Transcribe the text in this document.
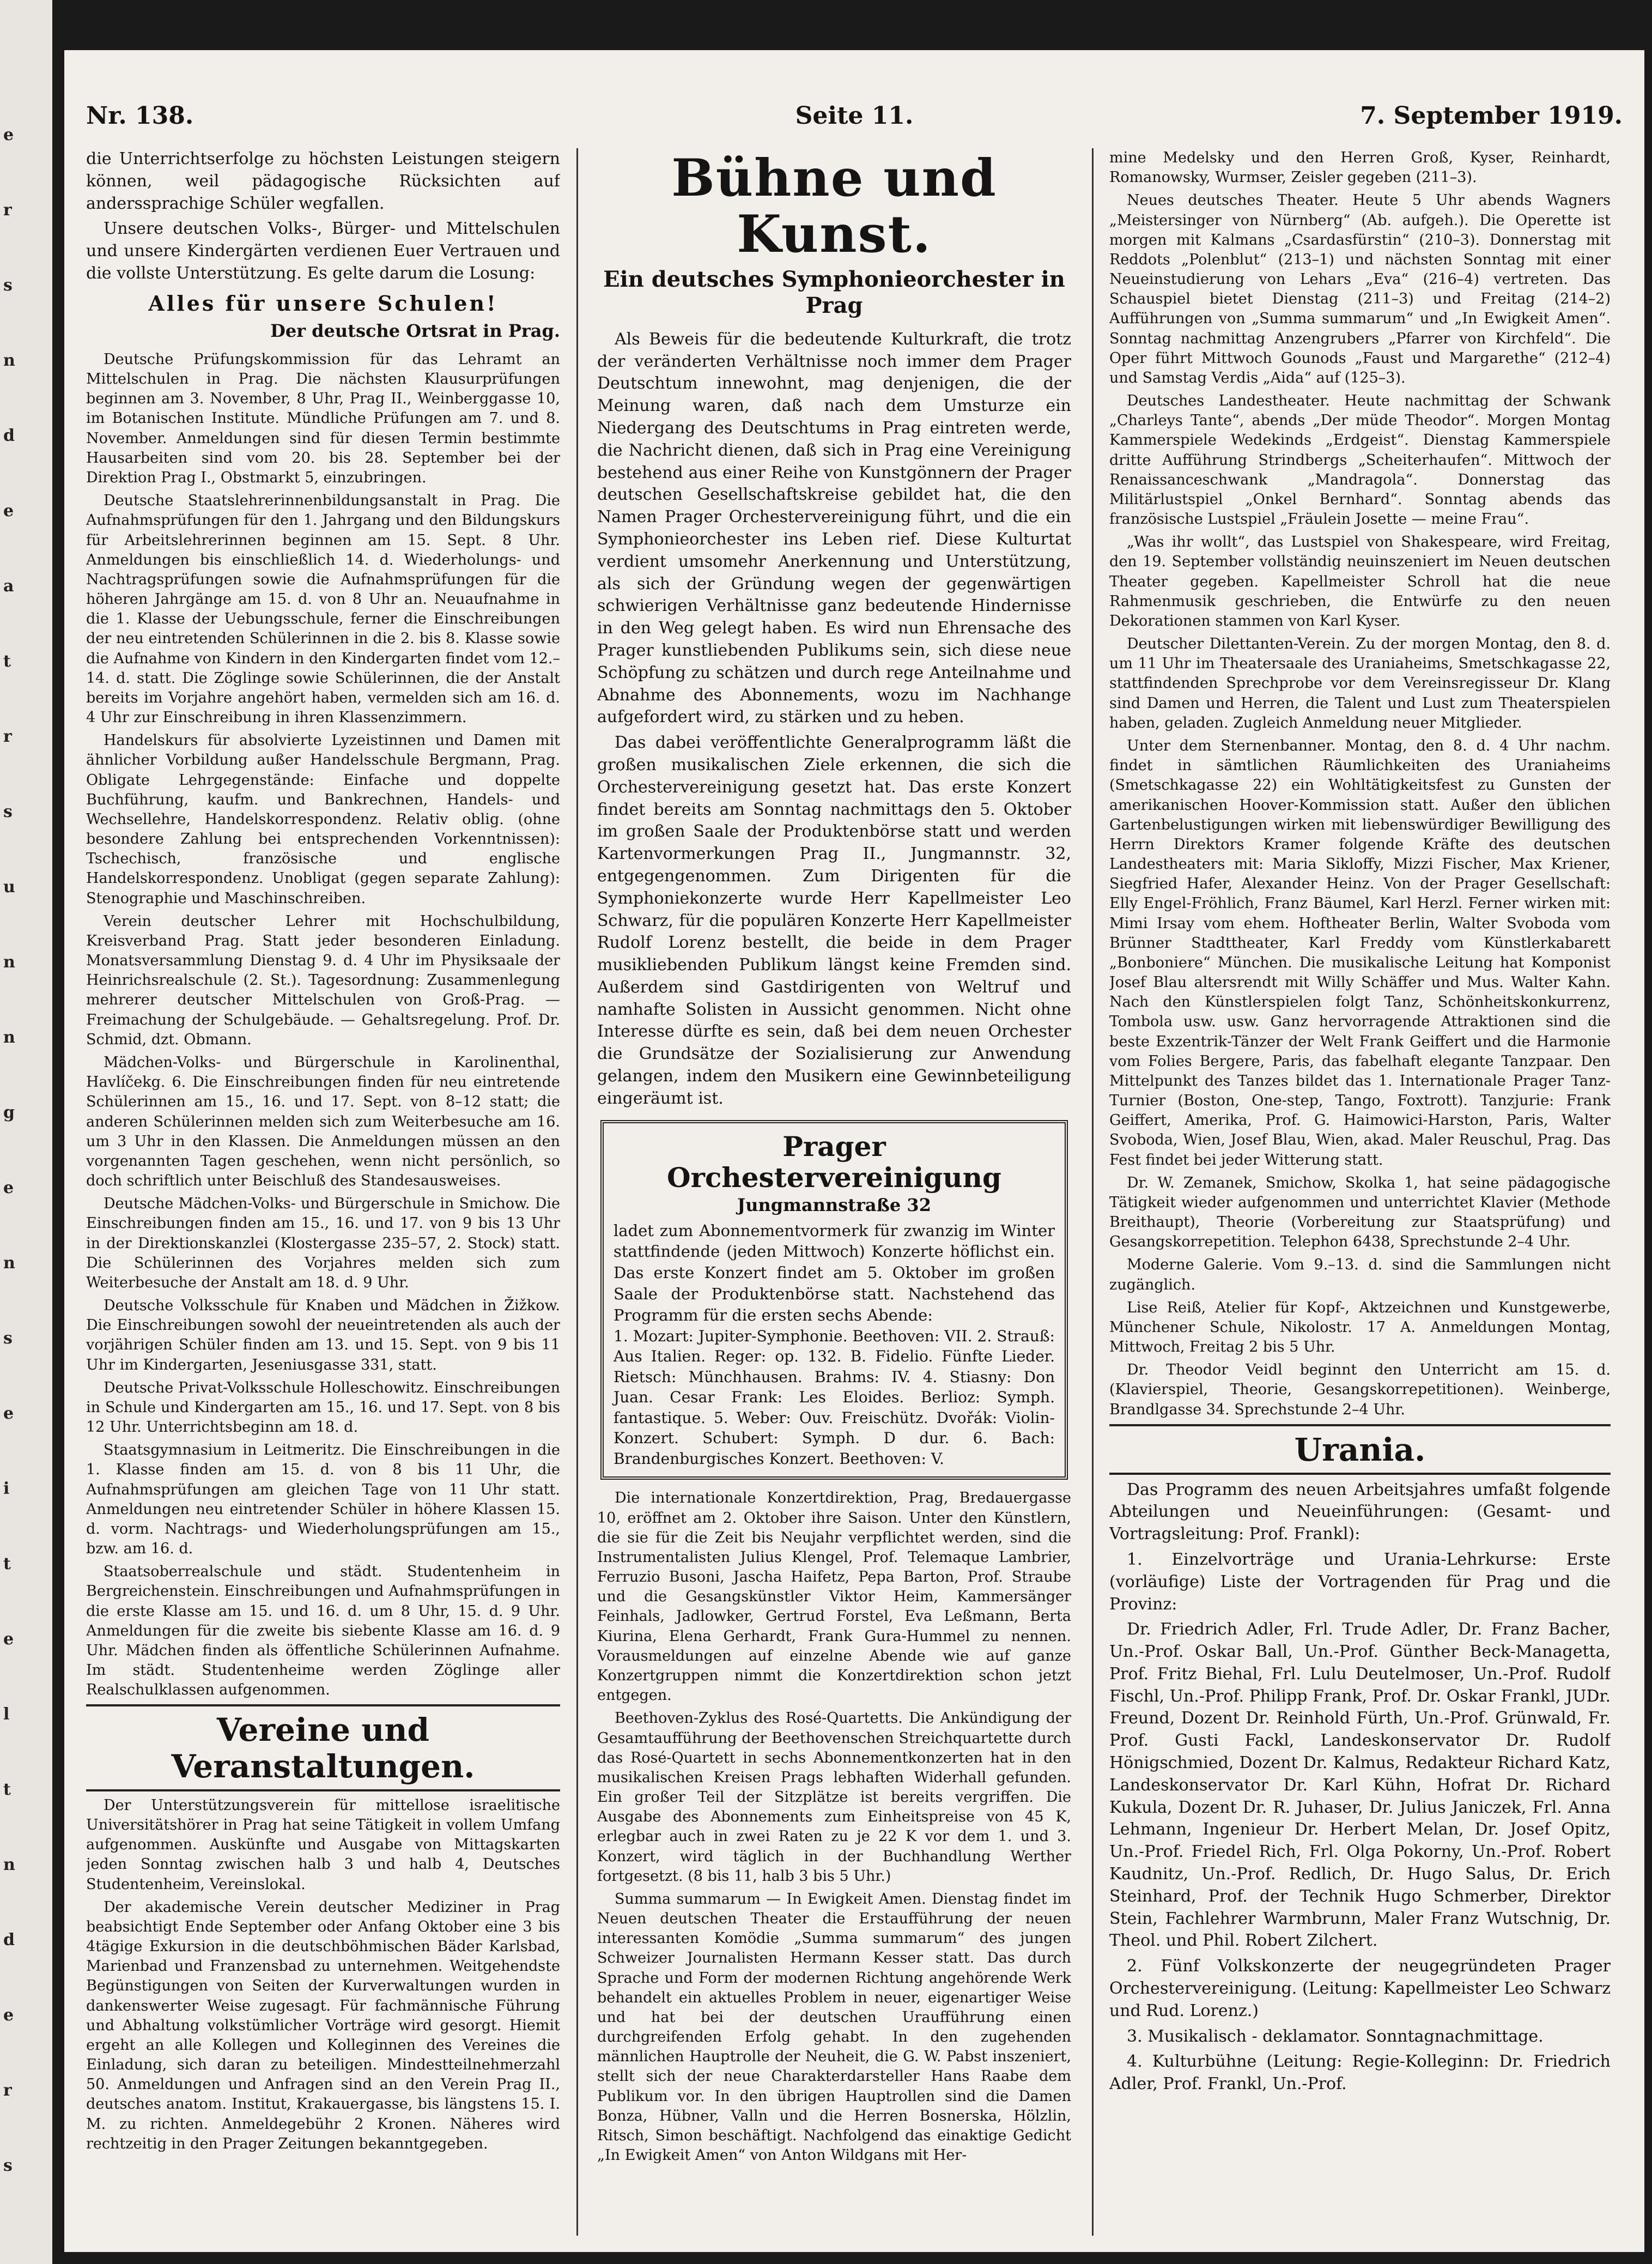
e
r
s
n
d
e
a
t
r
s
u
n
n
g
e
n
s
e
i
t
e
l
t
n
d
e
r
s
Nr. 138.	Seite 11.	7. September 1919.

die Unterrichtserfolge zu höchsten Leistungen steigern können, weil pädagogische Rücksichten auf anderssprachige Schüler wegfallen.

Unsere deutschen Volks-, Bürger- und Mittelschulen und unsere Kindergärten verdienen Euer Vertrauen und die vollste Unterstützung. Es gelte darum die Losung:

Alles für unsere Schulen!
Der deutsche Ortsrat in Prag.

Deutsche Prüfungskommission für das Lehramt an Mittelschulen in Prag. Die nächsten Klausurprüfungen beginnen am 3. November, 8 Uhr, Prag II., Weinberggasse 10, im Botanischen Institute. Mündliche Prüfungen am 7. und 8. November. Anmeldungen sind für diesen Termin bestimmte Hausarbeiten sind vom 20. bis 28. September bei der Direktion Prag I., Obstmarkt 5, einzubringen.

Deutsche Staatslehrerinnenbildungsanstalt in Prag. Die Aufnahmsprüfungen für den 1. Jahrgang und den Bildungskurs für Arbeitslehrerinnen beginnen am 15. Sept. 8 Uhr. Anmeldungen bis einschließlich 14. d. Wiederholungs- und Nachtragsprüfungen sowie die Aufnahmsprüfungen für die höheren Jahrgänge am 15. d. von 8 Uhr an. Neuaufnahme in die 1. Klasse der Uebungsschule, ferner die Einschreibungen der neu eintretenden Schülerinnen in die 2. bis 8. Klasse sowie die Aufnahme von Kindern in den Kindergarten findet vom 12.–14. d. statt. Die Zöglinge sowie Schülerinnen, die der Anstalt bereits im Vorjahre angehört haben, vermelden sich am 16. d. 4 Uhr zur Einschreibung in ihren Klassenzimmern.

Handelskurs für absolvierte Lyzeistinnen und Damen mit ähnlicher Vorbildung außer Handelsschule Bergmann, Prag. Obligate Lehrgegenstände: Einfache und doppelte Buchführung, kaufm. und Bankrechnen, Handels- und Wechsellehre, Handelskorrespondenz. Relativ oblig. (ohne besondere Zahlung bei entsprechenden Vorkenntnissen): Tschechisch, französische und englische Handelskorrespondenz. Unobligat (gegen separate Zahlung): Stenographie und Maschinschreiben.

Verein deutscher Lehrer mit Hochschulbildung, Kreisverband Prag. Statt jeder besonderen Einladung. Monatsversammlung Dienstag 9. d. 4 Uhr im Physiksaale der Heinrichsrealschule (2. St.). Tagesordnung: Zusammenlegung mehrerer deutscher Mittelschulen von Groß-Prag. — Freimachung der Schulgebäude. — Gehaltsregelung. Prof. Dr. Schmid, dzt. Obmann.

Mädchen-Volks- und Bürgerschule in Karolinenthal, Havlíčekg. 6. Die Einschreibungen finden für neu eintretende Schülerinnen am 15., 16. und 17. Sept. von 8–12 statt; die anderen Schülerinnen melden sich zum Weiterbesuche am 16. um 3 Uhr in den Klassen. Die Anmeldungen müssen an den vorgenannten Tagen geschehen, wenn nicht persönlich, so doch schriftlich unter Beischluß des Standesausweises.

Deutsche Mädchen-Volks- und Bürgerschule in Smichow. Die Einschreibungen finden am 15., 16. und 17. von 9 bis 13 Uhr in der Direktionskanzlei (Klostergasse 235–57, 2. Stock) statt. Die Schülerinnen des Vorjahres melden sich zum Weiterbesuche der Anstalt am 18. d. 9 Uhr.

Deutsche Volksschule für Knaben und Mädchen in Žižkow. Die Einschreibungen sowohl der neueintretenden als auch der vorjährigen Schüler finden am 13. und 15. Sept. von 9 bis 11 Uhr im Kindergarten, Jeseniusgasse 331, statt.

Deutsche Privat-Volksschule Holleschowitz. Einschreibungen in Schule und Kindergarten am 15., 16. und 17. Sept. von 8 bis 12 Uhr. Unterrichtsbeginn am 18. d.

Staatsgymnasium in Leitmeritz. Die Einschreibungen in die 1. Klasse finden am 15. d. von 8 bis 11 Uhr, die Aufnahmsprüfungen am gleichen Tage von 11 Uhr statt. Anmeldungen neu eintretender Schüler in höhere Klassen 15. d. vorm. Nachtrags- und Wiederholungsprüfungen am 15., bzw. am 16. d.

Staatsoberrealschule und städt. Studentenheim in Bergreichenstein. Einschreibungen und Aufnahmsprüfungen in die erste Klasse am 15. und 16. d. um 8 Uhr, 15. d. 9 Uhr. Anmeldungen für die zweite bis siebente Klasse am 16. d. 9 Uhr. Mädchen finden als öffentliche Schülerinnen Aufnahme. Im städt. Studentenheime werden Zöglinge aller Realschulklassen aufgenommen.

Vereine und Veranstaltungen.

Der Unterstützungsverein für mittellose israelitische Universitätshörer in Prag hat seine Tätigkeit in vollem Umfang aufgenommen. Auskünfte und Ausgabe von Mittagskarten jeden Sonntag zwischen halb 3 und halb 4, Deutsches Studentenheim, Vereinslokal.

Der akademische Verein deutscher Mediziner in Prag beabsichtigt Ende September oder Anfang Oktober eine 3 bis 4tägige Exkursion in die deutschböhmischen Bäder Karlsbad, Marienbad und Franzensbad zu unternehmen. Weitgehendste Begünstigungen von Seiten der Kurverwaltungen wurden in dankenswerter Weise zugesagt. Für fachmännische Führung und Abhaltung volkstümlicher Vorträge wird gesorgt. Hiemit ergeht an alle Kollegen und Kolleginnen des Vereines die Einladung, sich daran zu beteiligen. Mindestteilnehmerzahl 50. Anmeldungen und Anfragen sind an den Verein Prag II., deutsches anatom. Institut, Krakauergasse, bis längstens 15. I. M. zu richten. Anmeldegebühr 2 Kronen. Näheres wird rechtzeitig in den Prager Zeitungen bekanntgegeben.

Bühne und Kunst.
Ein deutsches Symphonieorchester in Prag

Als Beweis für die bedeutende Kulturkraft, die trotz der veränderten Verhältnisse noch immer dem Prager Deutschtum innewohnt, mag denjenigen, die der Meinung waren, daß nach dem Umsturze ein Niedergang des Deutschtums in Prag eintreten werde, die Nachricht dienen, daß sich in Prag eine Vereinigung bestehend aus einer Reihe von Kunstgönnern der Prager deutschen Gesellschaftskreise gebildet hat, die den Namen Prager Orchestervereinigung führt, und die ein Symphonieorchester ins Leben rief. Diese Kulturtat verdient umsomehr Anerkennung und Unterstützung, als sich der Gründung wegen der gegenwärtigen schwierigen Verhältnisse ganz bedeutende Hindernisse in den Weg gelegt haben. Es wird nun Ehrensache des Prager kunstliebenden Publikums sein, sich diese neue Schöpfung zu schätzen und durch rege Anteilnahme und Abnahme des Abonnements, wozu im Nachhange aufgefordert wird, zu stärken und zu heben.

Das dabei veröffentlichte Generalprogramm läßt die großen musikalischen Ziele erkennen, die sich die Orchestervereinigung gesetzt hat. Das erste Konzert findet bereits am Sonntag nachmittags den 5. Oktober im großen Saale der Produktenbörse statt und werden Kartenvormerkungen Prag II., Jungmannstr. 32, entgegengenommen. Zum Dirigenten für die Symphoniekonzerte wurde Herr Kapellmeister Leo Schwarz, für die populären Konzerte Herr Kapellmeister Rudolf Lorenz bestellt, die beide in dem Prager musikliebenden Publikum längst keine Fremden sind. Außerdem sind Gastdirigenten von Weltruf und namhafte Solisten in Aussicht genommen. Nicht ohne Interesse dürfte es sein, daß bei dem neuen Orchester die Grundsätze der Sozialisierung zur Anwendung gelangen, indem den Musikern eine Gewinnbeteiligung eingeräumt ist.

Prager Orchestervereinigung
Jungmannstraße 32
ladet zum Abonnementvormerk für zwanzig im Winter stattfindende (jeden Mittwoch) Konzerte höflichst ein. Das erste Konzert findet am 5. Oktober im großen Saale der Produktenbörse statt. Nachstehend das Programm für die ersten sechs Abende:
1. Mozart: Jupiter-Symphonie. Beethoven: VII. 2. Strauß: Aus Italien. Reger: op. 132. B. Fidelio. Fünfte Lieder. Rietsch: Münchhausen. Brahms: IV. 4. Stiasny: Don Juan. Cesar Frank: Les Eloides. Berlioz: Symph. fantastique. 5. Weber: Ouv. Freischütz. Dvořák: Violin-Konzert. Schubert: Symph. D dur. 6. Bach: Brandenburgisches Konzert. Beethoven: V.

Die internationale Konzertdirektion, Prag, Bredauergasse 10, eröffnet am 2. Oktober ihre Saison. Unter den Künstlern, die sie für die Zeit bis Neujahr verpflichtet werden, sind die Instrumentalisten Julius Klengel, Prof. Telemaque Lambrier, Ferruzio Busoni, Jascha Haifetz, Pepa Barton, Prof. Straube und die Gesangskünstler Viktor Heim, Kammersänger Feinhals, Jadlowker, Gertrud Forstel, Eva Leßmann, Berta Kiurina, Elena Gerhardt, Frank Gura-Hummel zu nennen. Vorausmeldungen auf einzelne Abende wie auf ganze Konzertgruppen nimmt die Konzertdirektion schon jetzt entgegen.

Beethoven-Zyklus des Rosé-Quartetts. Die Ankündigung der Gesamtaufführung der Beethovenschen Streichquartette durch das Rosé-Quartett in sechs Abonnementkonzerten hat in den musikalischen Kreisen Prags lebhaften Widerhall gefunden. Ein großer Teil der Sitzplätze ist bereits vergriffen. Die Ausgabe des Abonnements zum Einheitspreise von 45 K, erlegbar auch in zwei Raten zu je 22 K vor dem 1. und 3. Konzert, wird täglich in der Buchhandlung Werther fortgesetzt. (8 bis 11, halb 3 bis 5 Uhr.)

Summa summarum — In Ewigkeit Amen. Dienstag findet im Neuen deutschen Theater die Erstaufführung der neuen interessanten Komödie „Summa summarum“ des jungen Schweizer Journalisten Hermann Kesser statt. Das durch Sprache und Form der modernen Richtung angehörende Werk behandelt ein aktuelles Problem in neuer, eigenartiger Weise und hat bei der deutschen Uraufführung einen durchgreifenden Erfolg gehabt. In den zugehenden männlichen Hauptrolle der Neuheit, die G. W. Pabst inszeniert, stellt sich der neue Charakterdarsteller Hans Raabe dem Publikum vor. In den übrigen Hauptrollen sind die Damen Bonza, Hübner, Valln und die Herren Bosnerska, Hölzlin, Ritsch, Simon beschäftigt. Nachfolgend das einaktige Gedicht „In Ewigkeit Amen“ von Anton Wildgans mit Her-

mine Medelsky und den Herren Groß, Kyser, Reinhardt, Romanowsky, Wurmser, Zeisler gegeben (211–3).

Neues deutsches Theater. Heute 5 Uhr abends Wagners „Meistersinger von Nürnberg“ (Ab. aufgeh.). Die Operette ist morgen mit Kalmans „Csardasfürstin“ (210–3). Donnerstag mit Reddots „Polenblut“ (213–1) und nächsten Sonntag mit einer Neueinstudierung von Lehars „Eva“ (216–4) vertreten. Das Schauspiel bietet Dienstag (211–3) und Freitag (214–2) Aufführungen von „Summa summarum“ und „In Ewigkeit Amen“. Sonntag nachmittag Anzengrubers „Pfarrer von Kirchfeld“. Die Oper führt Mittwoch Gounods „Faust und Margarethe“ (212–4) und Samstag Verdis „Aida“ auf (125–3).

Deutsches Landestheater. Heute nachmittag der Schwank „Charleys Tante“, abends „Der müde Theodor“. Morgen Montag Kammerspiele Wedekinds „Erdgeist“. Dienstag Kammerspiele dritte Aufführung Strindbergs „Scheiterhaufen“. Mittwoch der Renaissanceschwank „Mandragola“. Donnerstag das Militärlustspiel „Onkel Bernhard“. Sonntag abends das französische Lustspiel „Fräulein Josette — meine Frau“.

„Was ihr wollt“, das Lustspiel von Shakespeare, wird Freitag, den 19. September vollständig neuinszeniert im Neuen deutschen Theater gegeben. Kapellmeister Schroll hat die neue Rahmenmusik geschrieben, die Entwürfe zu den neuen Dekorationen stammen von Karl Kyser.

Deutscher Dilettanten-Verein. Zu der morgen Montag, den 8. d. um 11 Uhr im Theatersaale des Uraniaheims, Smetschkagasse 22, stattfindenden Sprechprobe vor dem Vereinsregisseur Dr. Klang sind Damen und Herren, die Talent und Lust zum Theaterspielen haben, geladen. Zugleich Anmeldung neuer Mitglieder.

Unter dem Sternenbanner. Montag, den 8. d. 4 Uhr nachm. findet in sämtlichen Räumlichkeiten des Uraniaheims (Smetschkagasse 22) ein Wohltätigkeitsfest zu Gunsten der amerikanischen Hoover-Kommission statt. Außer den üblichen Gartenbelustigungen wirken mit liebenswürdiger Bewilligung des Herrn Direktors Kramer folgende Kräfte des deutschen Landestheaters mit: Maria Sikloffy, Mizzi Fischer, Max Kriener, Siegfried Hafer, Alexander Heinz. Von der Prager Gesellschaft: Elly Engel-Fröhlich, Franz Bäumel, Karl Herzl. Ferner wirken mit: Mimi Irsay vom ehem. Hoftheater Berlin, Walter Svoboda vom Brünner Stadttheater, Karl Freddy vom Künstlerkabarett „Bonboniere“ München. Die musikalische Leitung hat Komponist Josef Blau altersrendt mit Willy Schäffer und Mus. Walter Kahn. Nach den Künstlerspielen folgt Tanz, Schönheitskonkurrenz, Tombola usw. usw. Ganz hervorragende Attraktionen sind die beste Exzentrik-Tänzer der Welt Frank Geiffert und die Harmonie vom Folies Bergere, Paris, das fabelhaft elegante Tanzpaar. Den Mittelpunkt des Tanzes bildet das 1. Internationale Prager Tanz-Turnier (Boston, One-step, Tango, Foxtrott). Tanzjurie: Frank Geiffert, Amerika, Prof. G. Haimowici-Harston, Paris, Walter Svoboda, Wien, Josef Blau, Wien, akad. Maler Reuschul, Prag. Das Fest findet bei jeder Witterung statt.

Dr. W. Zemanek, Smichow, Skolka 1, hat seine pädagogische Tätigkeit wieder aufgenommen und unterrichtet Klavier (Methode Breithaupt), Theorie (Vorbereitung zur Staatsprüfung) und Gesangskorrepetition. Telephon 6438, Sprechstunde 2–4 Uhr.

Moderne Galerie. Vom 9.–13. d. sind die Sammlungen nicht zugänglich.

Lise Reiß, Atelier für Kopf-, Aktzeichnen und Kunstgewerbe, Münchener Schule, Nikolostr. 17 A. Anmeldungen Montag, Mittwoch, Freitag 2 bis 5 Uhr.

Dr. Theodor Veidl beginnt den Unterricht am 15. d. (Klavierspiel, Theorie, Gesangskorrepetitionen). Weinberge, Brandlgasse 34. Sprechstunde 2–4 Uhr.

Urania.

Das Programm des neuen Arbeitsjahres umfaßt folgende Abteilungen und Neueinführungen: (Gesamt- und Vortragsleitung: Prof. Frankl):

1. Einzelvorträge und Urania-Lehrkurse: Erste (vorläufige) Liste der Vortragenden für Prag und die Provinz:

Dr. Friedrich Adler, Frl. Trude Adler, Dr. Franz Bacher, Un.-Prof. Oskar Ball, Un.-Prof. Günther Beck-Managetta, Prof. Fritz Biehal, Frl. Lulu Deutelmoser, Un.-Prof. Rudolf Fischl, Un.-Prof. Philipp Frank, Prof. Dr. Oskar Frankl, JUDr. Freund, Dozent Dr. Reinhold Fürth, Un.-Prof. Grünwald, Fr. Prof. Gusti Fackl, Landeskonservator Dr. Rudolf Hönigschmied, Dozent Dr. Kalmus, Redakteur Richard Katz, Landeskonservator Dr. Karl Kühn, Hofrat Dr. Richard Kukula, Dozent Dr. R. Juhaser, Dr. Julius Janiczek, Frl. Anna Lehmann, Ingenieur Dr. Herbert Melan, Dr. Josef Opitz, Un.-Prof. Friedel Rich, Frl. Olga Pokorny, Un.-Prof. Robert Kaudnitz, Un.-Prof. Redlich, Dr. Hugo Salus, Dr. Erich Steinhard, Prof. der Technik Hugo Schmerber, Direktor Stein, Fachlehrer Warmbrunn, Maler Franz Wutschnig, Dr. Theol. und Phil. Robert Zilchert.

2. Fünf Volkskonzerte der neugegründeten Prager Orchestervereinigung. (Leitung: Kapellmeister Leo Schwarz und Rud. Lorenz.)

3. Musikalisch - deklamator. Sonntagnachmittage.

4. Kulturbühne (Leitung: Regie-Kolleginn: Dr. Friedrich Adler, Prof. Frankl, Un.-Prof.
